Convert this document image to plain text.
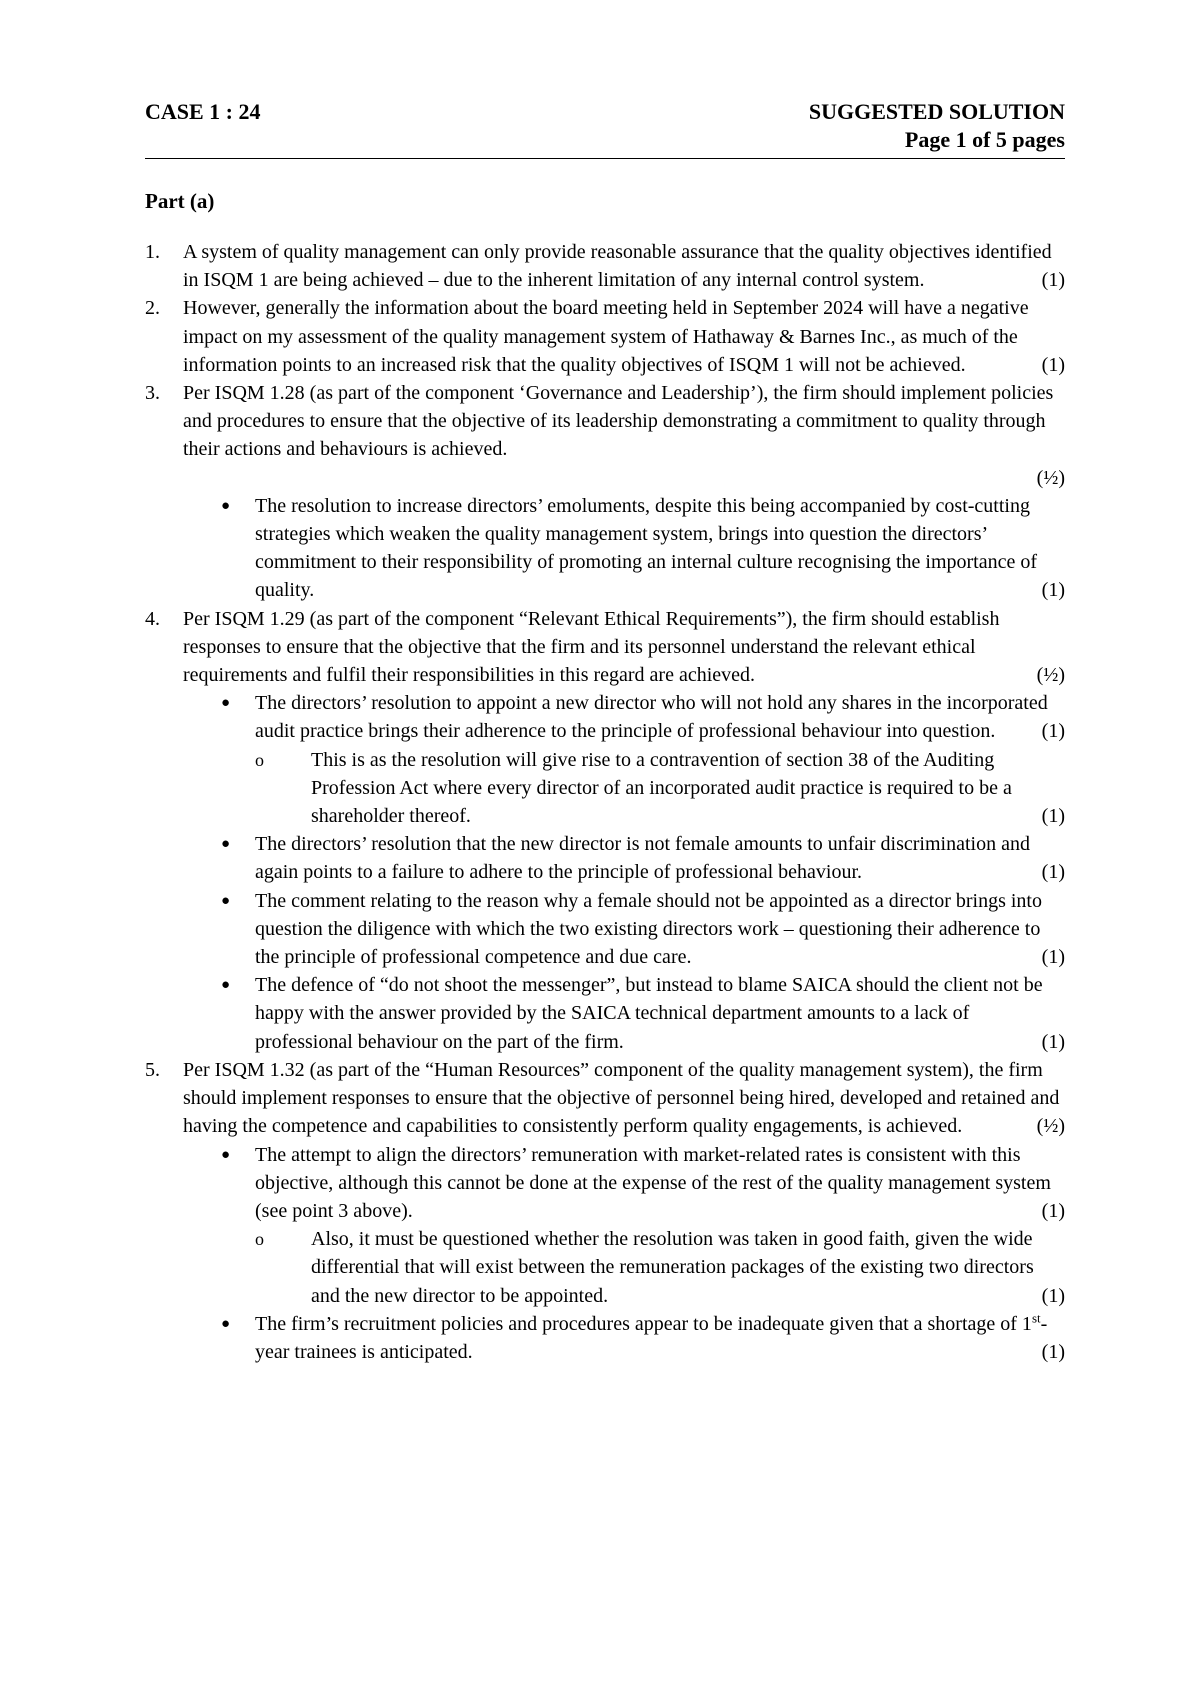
CASE 1 : 24	SUGGESTED SOLUTION
Page 1 of 5 pages
Part (a)
1. A system of quality management can only provide reasonable assurance that the quality objectives identified in ISQM 1 are being achieved – due to the inherent limitation of any internal control system.	(1)
2. However, generally the information about the board meeting held in September 2024 will have a negative impact on my assessment of the quality management system of Hathaway & Barnes Inc., as much of the information points to an increased risk that the quality objectives of ISQM 1 will not be achieved.	(1)
3. Per ISQM 1.28 (as part of the component ‘Governance and Leadership’), the firm should implement policies and procedures to ensure that the objective of its leadership demonstrating a commitment to quality through their actions and behaviours is achieved.
(½)
● The resolution to increase directors’ emoluments, despite this being accompanied by cost-cutting strategies which weaken the quality management system, brings into question the directors’ commitment to their responsibility of promoting an internal culture recognising the importance of quality.	(1)
4. Per ISQM 1.29 (as part of the component “Relevant Ethical Requirements”), the firm should establish responses to ensure that the objective that the firm and its personnel understand the relevant ethical requirements and fulfil their responsibilities in this regard are achieved.	(½)
● The directors’ resolution to appoint a new director who will not hold any shares in the incorporated audit practice brings their adherence to the principle of professional behaviour into question. (1)
o This is as the resolution will give rise to a contravention of section 38 of the Auditing Profession Act where every director of an incorporated audit practice is required to be a shareholder thereof.	(1)
● The directors’ resolution that the new director is not female amounts to unfair discrimination and again points to a failure to adhere to the principle of professional behaviour.	(1)
● The comment relating to the reason why a female should not be appointed as a director brings into question the diligence with which the two existing directors work – questioning their adherence to the principle of professional competence and due care.	(1)
● The defence of “do not shoot the messenger”, but instead to blame SAICA should the client not be happy with the answer provided by the SAICA technical department amounts to a lack of professional behaviour on the part of the firm.	(1)
5. Per ISQM 1.32 (as part of the “Human Resources” component of the quality management system), the firm should implement responses to ensure that the objective of personnel being hired, developed and retained and having the competence and capabilities to consistently perform quality engagements, is achieved.	(½)
● The attempt to align the directors’ remuneration with market-related rates is consistent with this objective, although this cannot be done at the expense of the rest of the quality management system (see point 3 above).	(1)
o Also, it must be questioned whether the resolution was taken in good faith, given the wide differential that will exist between the remuneration packages of the existing two directors and the new director to be appointed.	(1)
● The firm’s recruitment policies and procedures appear to be inadequate given that a shortage of 1st-year trainees is anticipated.	(1)
